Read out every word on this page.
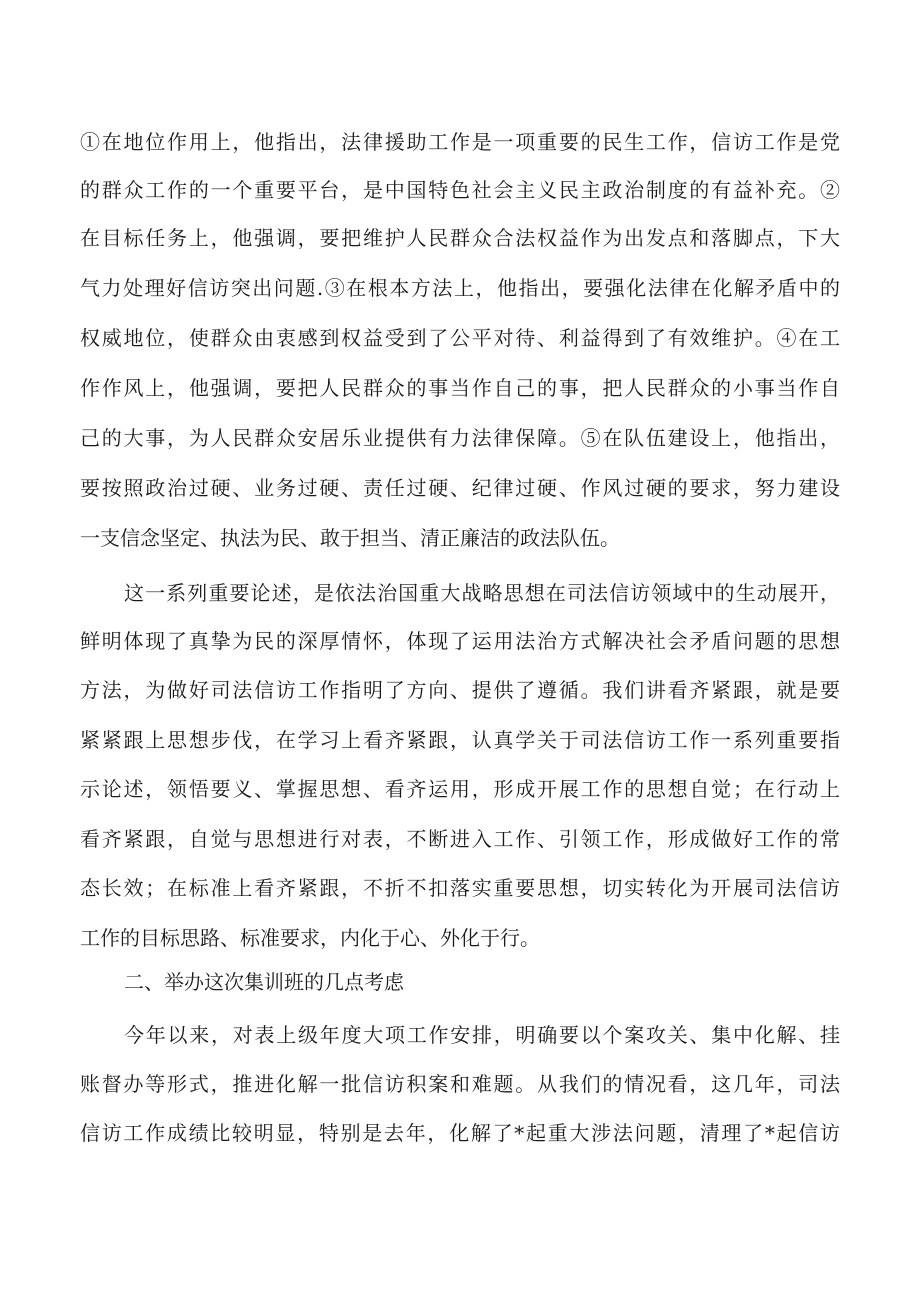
①在地位作用上，他指出，法律援助工作是一项重要的民生工作，信访工作是党
的群众工作的一个重要平台，是中国特色社会主义民主政治制度的有益补充。②
在目标任务上，他强调，要把维护人民群众合法权益作为出发点和落脚点，下大
气力处理好信访突出问题.③在根本方法上，他指出，要强化法律在化解矛盾中的
权威地位，使群众由衷感到权益受到了公平对待、利益得到了有效维护。④在工
作作风上，他强调，要把人民群众的事当作自己的事，把人民群众的小事当作自
己的大事，为人民群众安居乐业提供有力法律保障。⑤在队伍建设上，他指出，
要按照政治过硬、业务过硬、责任过硬、纪律过硬、作风过硬的要求，努力建设
一支信念坚定、执法为民、敢于担当、清正廉洁的政法队伍。
这一系列重要论述，是依法治国重大战略思想在司法信访领域中的生动展开，
鲜明体现了真挚为民的深厚情怀，体现了运用法治方式解决社会矛盾问题的思想
方法，为做好司法信访工作指明了方向、提供了遵循。我们讲看齐紧跟，就是要
紧紧跟上思想步伐，在学习上看齐紧跟，认真学关于司法信访工作一系列重要指
示论述，领悟要义、掌握思想、看齐运用，形成开展工作的思想自觉；在行动上
看齐紧跟，自觉与思想进行对表，不断进入工作、引领工作，形成做好工作的常
态长效；在标准上看齐紧跟，不折不扣落实重要思想，切实转化为开展司法信访
工作的目标思路、标准要求，内化于心、外化于行。
二、举办这次集训班的几点考虑
今年以来，对表上级年度大项工作安排，明确要以个案攻关、集中化解、挂
账督办等形式，推进化解一批信访积案和难题。从我们的情况看，这几年，司法
信访工作成绩比较明显，特别是去年，化解了*起重大涉法问题，清理了*起信访
